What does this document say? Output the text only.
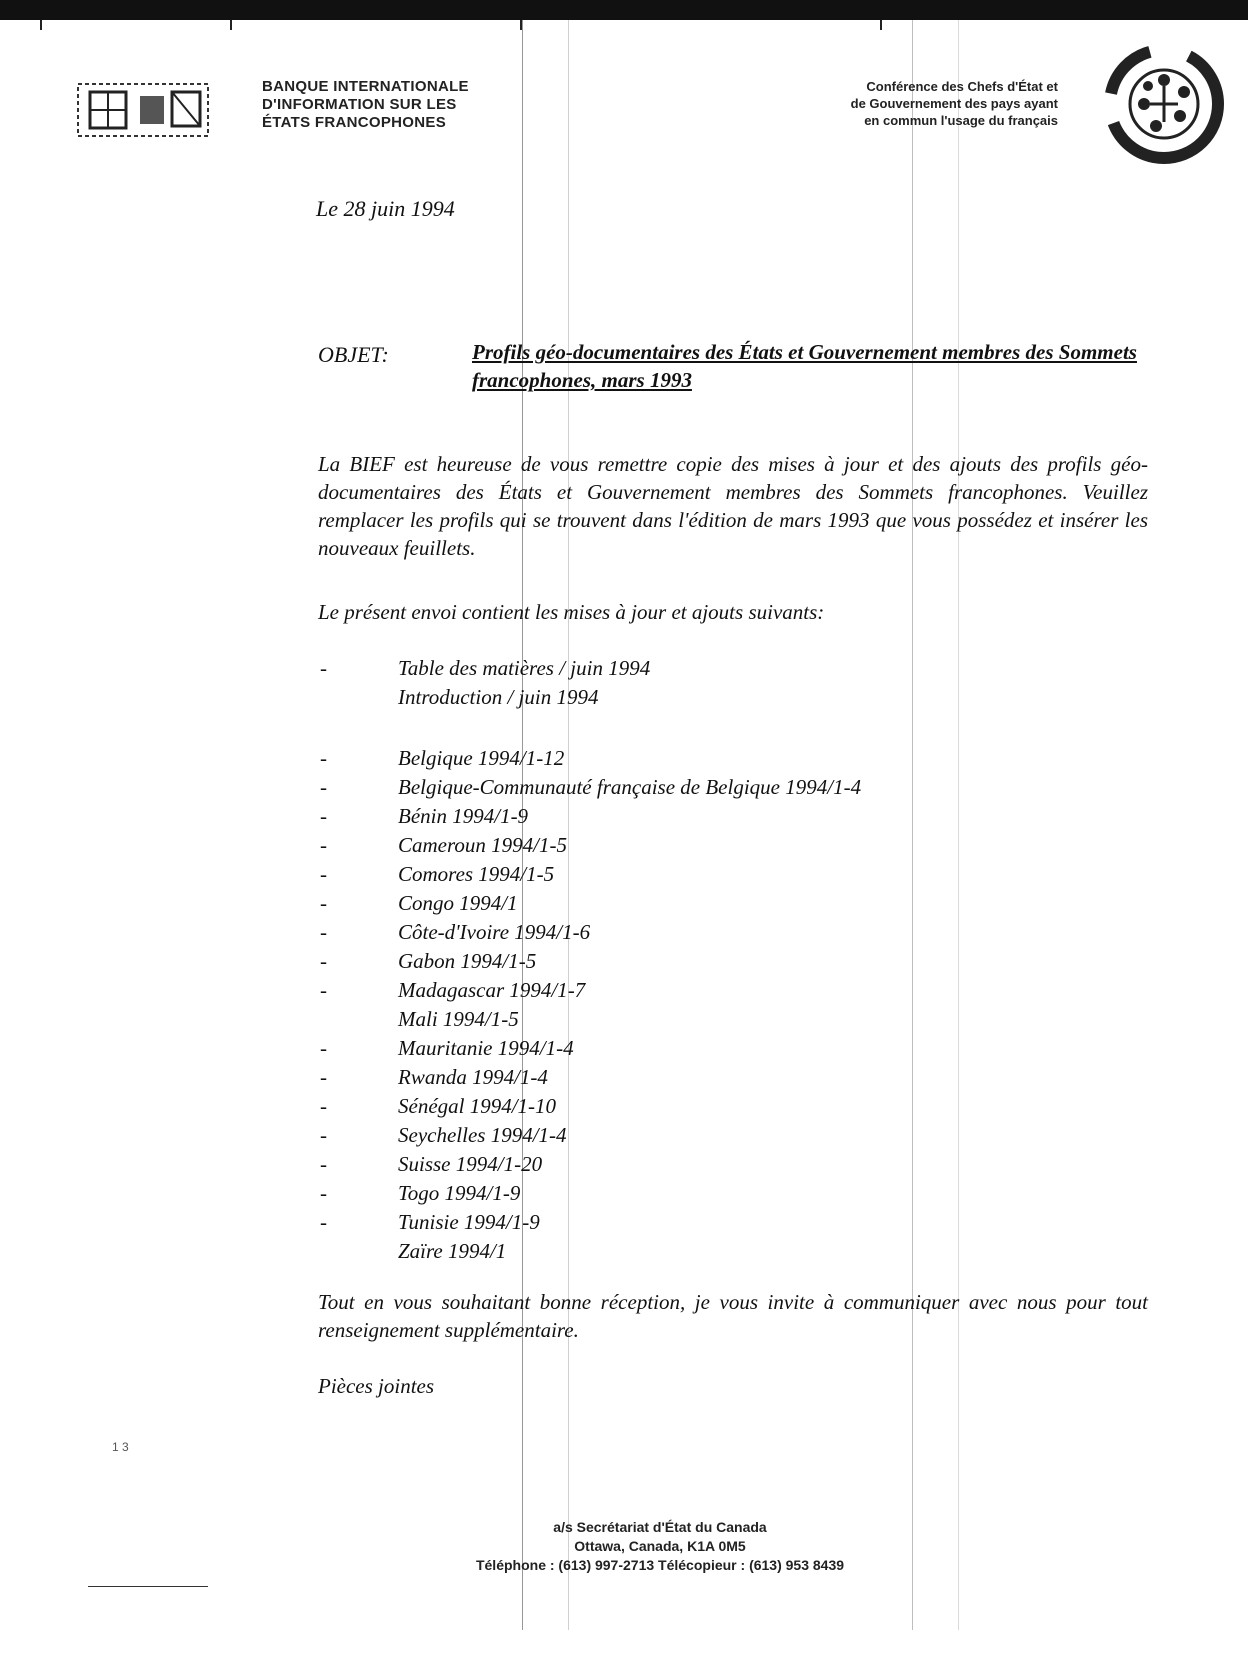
BANQUE INTERNATIONALE
D'INFORMATION SUR LES
ÉTATS FRANCOPHONES
Conférence des Chefs d'État et
de Gouvernement des pays ayant
en commun l'usage du français
Le 28 juin 1994
OBJET:	Profils géo-documentaires des États et Gouvernement membres des Sommets francophones, mars 1993
La BIEF est heureuse de vous remettre copie des mises à jour et des ajouts des profils géo-documentaires des États et Gouvernement membres des Sommets francophones. Veuillez remplacer les profils qui se trouvent dans l'édition de mars 1993 que vous possédez et insérer les nouveaux feuillets.
Le présent envoi contient les mises à jour et ajouts suivants:
-	Table des matières / juin 1994
Introduction / juin 1994
-	Belgique 1994/1-12
-	Belgique-Communauté française de Belgique 1994/1-4
-	Bénin 1994/1-9
-	Cameroun 1994/1-5
-	Comores 1994/1-5
-	Congo 1994/1
-	Côte-d'Ivoire 1994/1-6
-	Gabon 1994/1-5
-	Madagascar 1994/1-7
Mali 1994/1-5
-	Mauritanie 1994/1-4
-	Rwanda 1994/1-4
-	Sénégal 1994/1-10
-	Seychelles 1994/1-4
-	Suisse 1994/1-20
-	Togo 1994/1-9
-	Tunisie 1994/1-9
Zaïre 1994/1
Tout en vous souhaitant bonne réception, je vous invite à communiquer avec nous pour tout renseignement supplémentaire.
Pièces jointes
a/s Secrétariat d'État du Canada
Ottawa, Canada, K1A 0M5
Téléphone : (613) 997-2713 Télécopieur : (613) 953 8439
1 3
